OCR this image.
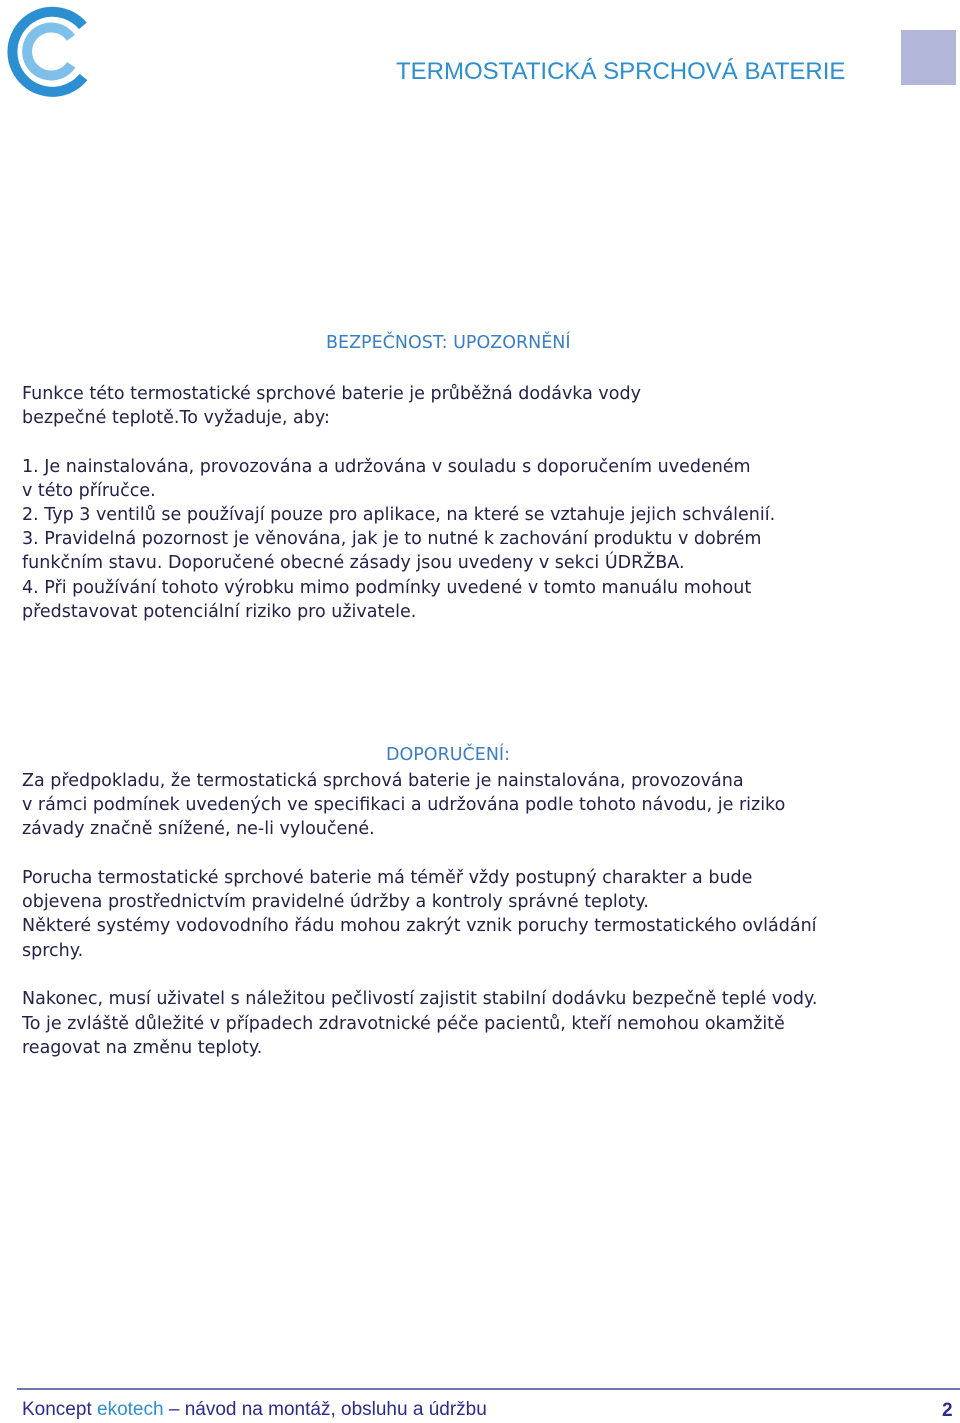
TERMOSTATICKÁ SPRCHOVÁ BATERIE
BEZPEČNOST: UPOZORNĚNÍ
Funkce této termostatické sprchové baterie je průběžná dodávka vody
bezpečné teplotě.To vyžaduje, aby:
1. Je nainstalována, provozována a udržována v souladu s doporučením uvedeném
v této příručce.
2. Typ 3 ventilů se používají pouze pro aplikace, na které se vztahuje jejich schválenií.
3. Pravidelná pozornost je věnována, jak je to nutné k zachování produktu v dobrém
funkčním stavu. Doporučené obecné zásady jsou uvedeny v sekci ÚDRŽBA.
4. Při používání tohoto výrobku mimo podmínky uvedené v tomto manuálu mohout
představovat potenciální riziko pro uživatele.
DOPORUČENÍ:
Za předpokladu, že termostatická sprchová baterie je nainstalována, provozována
v rámci podmínek uvedených ve specifikaci a udržována podle tohoto návodu, je riziko
závady značně snížené, ne-li vyloučené.
Porucha termostatické sprchové baterie má téměř vždy postupný charakter a bude
objevena prostřednictvím pravidelné údržby a kontroly správné teploty.
Některé systémy vodovodního řádu mohou zakrýt vznik poruchy termostatického ovládání
sprchy.
Nakonec, musí uživatel s náležitou pečlivostí zajistit stabilní dodávku bezpečně teplé vody.
To je zvláště důležité v případech zdravotnické péče pacientů, kteří nemohou okamžitě
reagovat na změnu teploty.
Koncept ekotech – návod na montáž, obsluhu a údržbu	2
